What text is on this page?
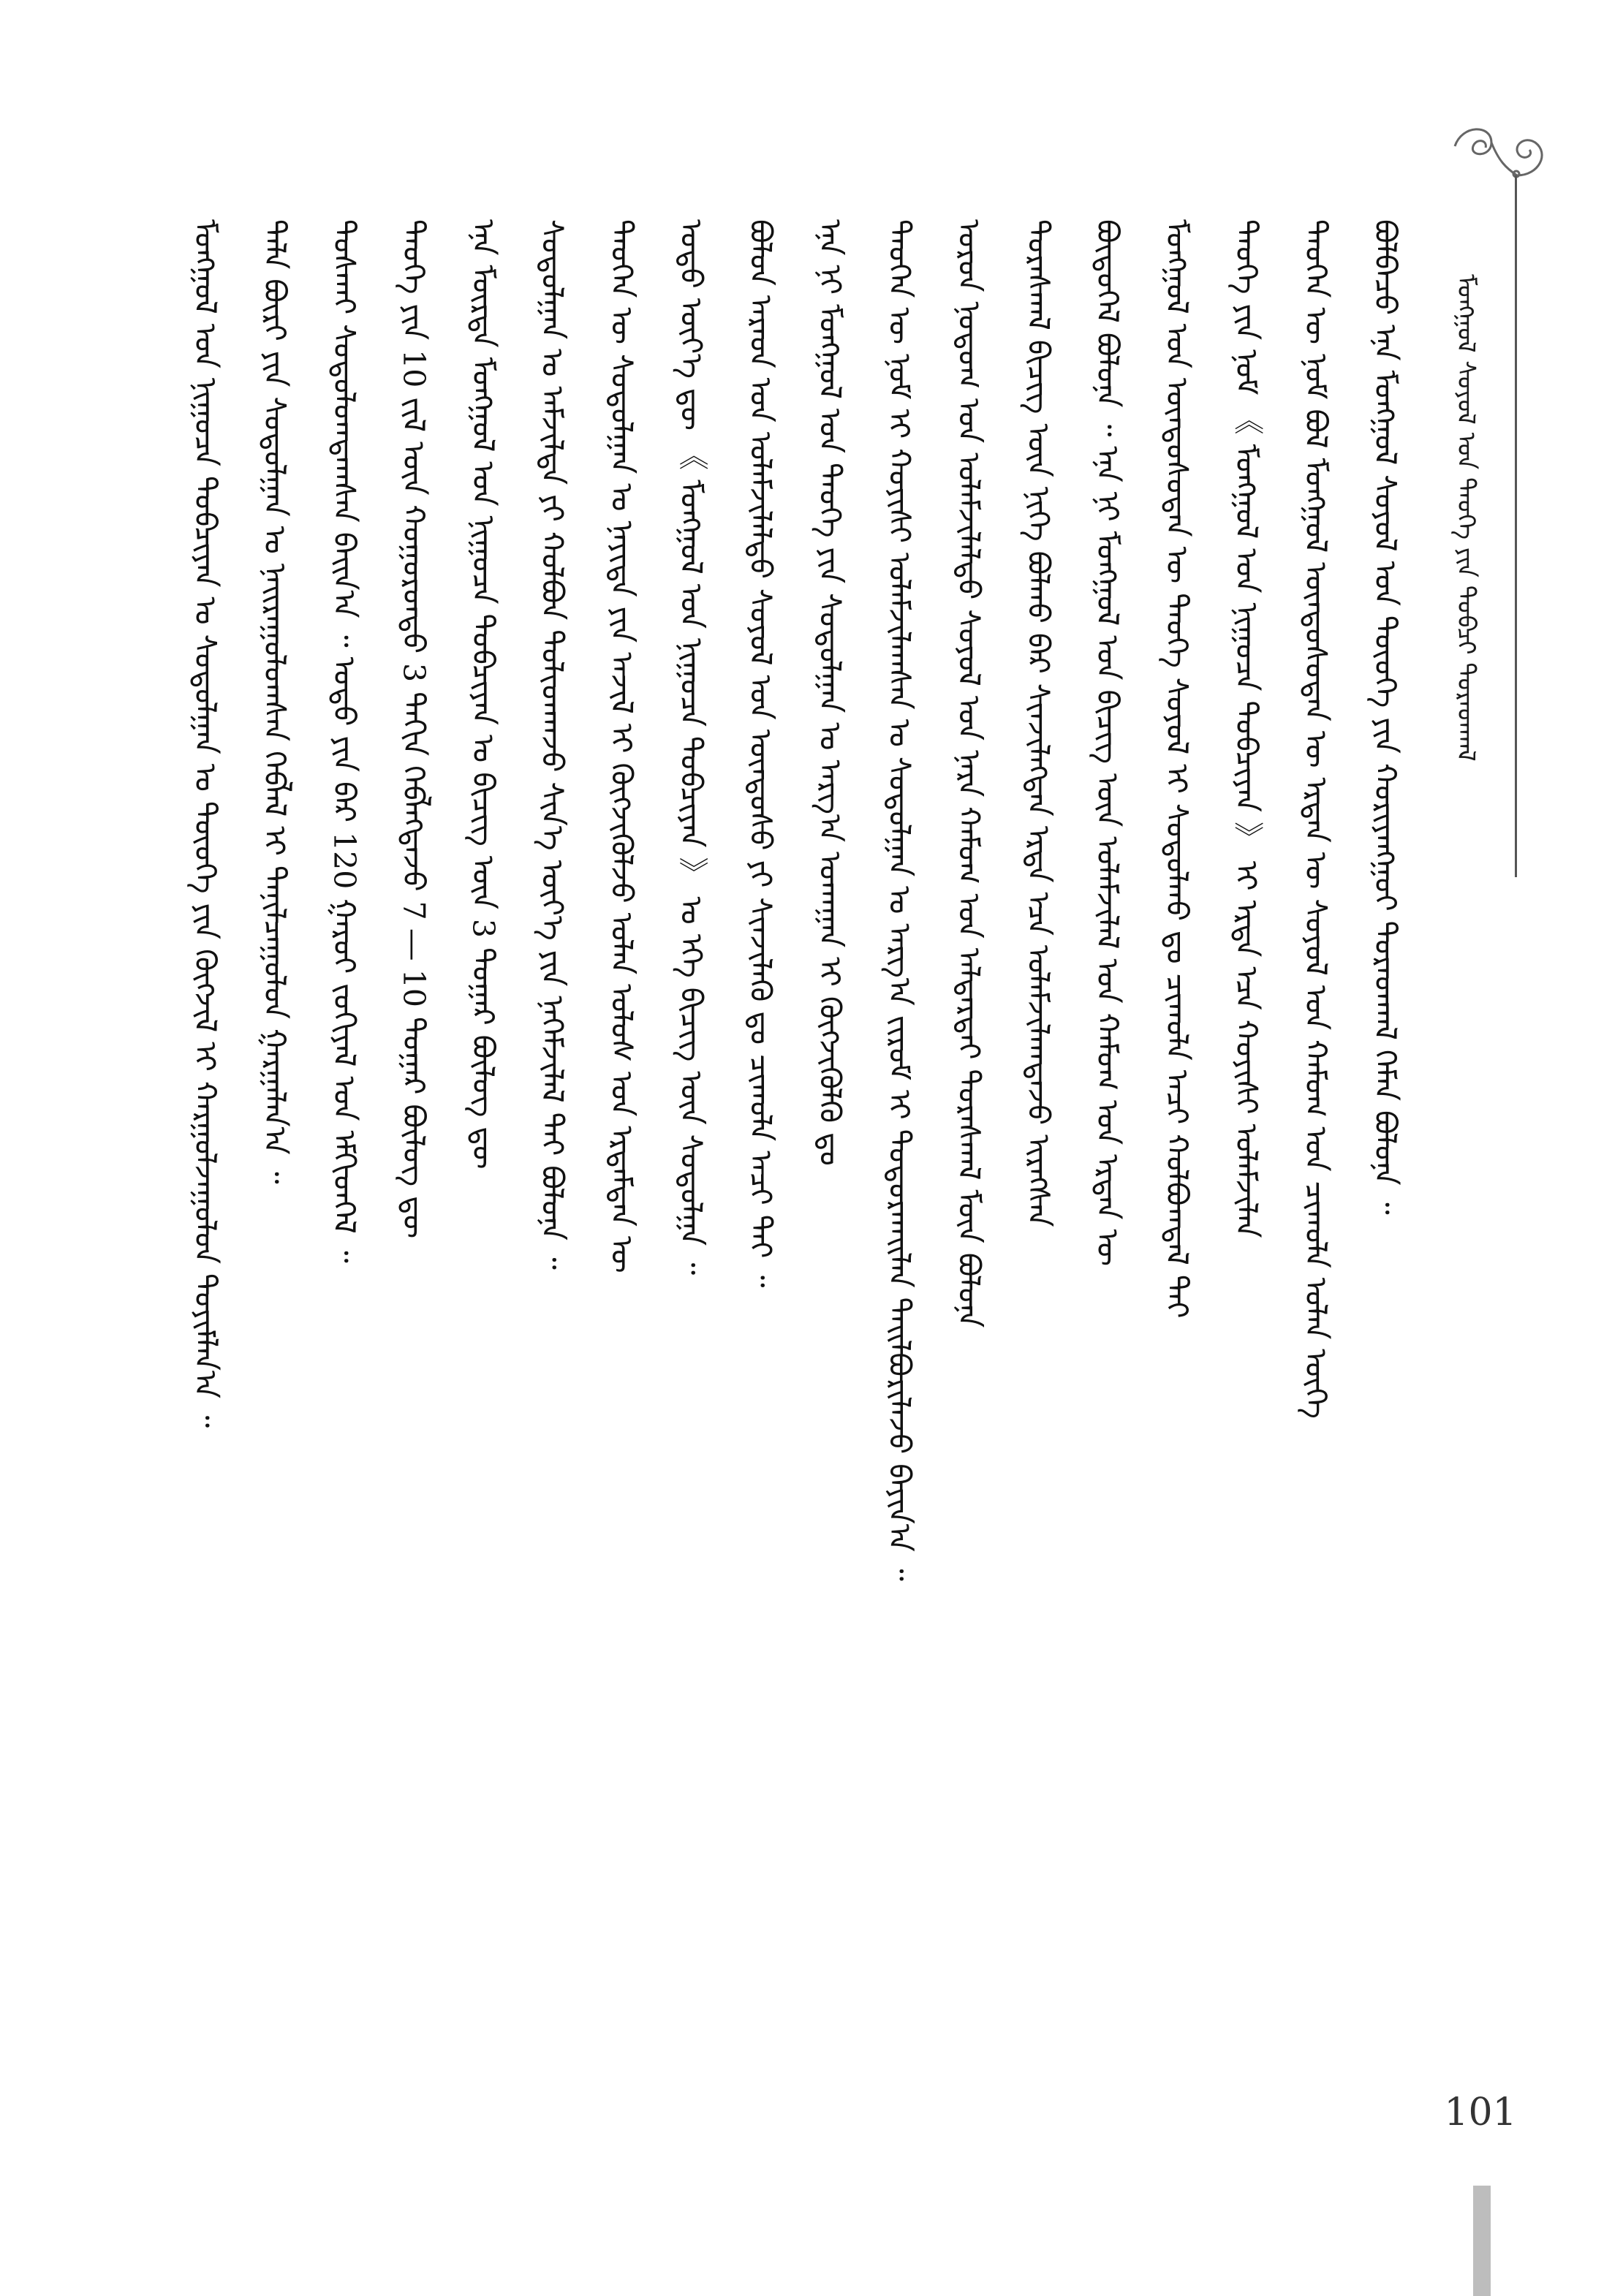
ᠮᠣᠩᠭᠣᠯ ᠰᠣᠶᠣᠯ ᠤᠨ ᠲᠡᠦᠬᠡ ᠶᠢᠨ ᠲᠣᠪᠴᠢ ᠳᠤᠷᠠᠳᠬᠠᠯ
ᠪᠣᠯᠪᠠᠴᠤ ᠡᠨᠡ ᠮᠣᠩᠭᠣᠯ ᠰᠣᠶᠣᠯ ᠤᠨ ᠲᠦᠦᠬᠡ ᠶᠢᠨ ᠬᠣᠷᠢᠶᠠᠩᠭᠤᠢ ᠳᠤᠷᠠᠳᠬᠠᠯ ᠬᠡᠮᠡᠨ ᠪᠣᠯᠤᠨᠠ ᠃
ᠲᠡᠦᠬᠡᠨ ᠦ ᠨᠣᠮ ᠪᠣᠯ ᠮᠣᠩᠭᠣᠯ ᠦᠨᠳᠦᠰᠦᠲᠡᠨ ᠦ ᠡᠷᠲᠡᠨ ᠦ ᠰᠣᠶᠣᠯ ᠤᠨ ᠬᠠᠮᠤᠭ ᠤᠨ ᠴᠢᠬᠤᠯᠠ ᠣᠯᠠᠨ ᠦᠭᠡ
ᠲᠡᠦᠬᠡ ᠶᠢᠨ ᠨᠣᠮ 《 ᠮᠣᠩᠭᠣᠯ ᠤᠨ ᠨᠢᠭᠤᠴᠠ ᠲᠣᠪᠴᠢᠶᠠᠨ 》 ᠢ ᠡᠷᠲᠡ ᠡᠴᠡ ᠬᠣᠶᠢᠰᠢ ᠤᠯᠠᠮᠵᠢᠯᠠᠨ
ᠮᠣᠩᠭᠣᠯ ᠤᠨ ᠦᠨᠳᠦᠰᠦᠲᠡᠨ ᠦ ᠲᠡᠦᠬᠡ ᠰᠣᠶᠣᠯ ᠢ ᠰᠤᠳᠤᠯᠬᠤ ᠳᠤ ᠴᠢᠬᠤᠯᠠ ᠠᠴᠢ ᠬᠣᠯᠪᠣᠭᠳᠠᠯ ᠲᠠᠢ
ᠪᠦᠲᠦᠭᠡᠯ ᠪᠣᠯᠤᠨᠠ ᠃ ᠡᠨᠡ ᠨᠢ ᠮᠣᠩᠭᠣᠯ ᠤᠨ ᠪᠢᠴᠢᠭ ᠦᠨ ᠤᠯᠠᠮᠵᠢᠯᠠᠯ ᠤᠨ ᠬᠠᠮᠤᠭ ᠤᠨ ᠡᠷᠲᠡᠨ ᠦ
ᠳᠤᠷᠠᠰᠬᠠᠯ ᠪᠢᠴᠢᠭ ᠦᠨ ᠨᠢᠭᠡ ᠪᠣᠯᠬᠤ ᠪᠠᠷ ᠰᠢᠨᠵᠢᠯᠡᠭᠳᠡᠨ ᠡᠷᠲᠡ ᠡᠴᠡ ᠤᠯᠠᠮᠵᠢᠯᠠᠭᠳᠠᠵᠤ ᠢᠷᠡᠭᠰᠡᠨ
ᠣᠷᠣᠨ ᠨᠤᠲᠤᠭ ᠤᠨ ᠤᠯᠠᠮᠵᠢᠯᠠᠯᠲᠤ ᠰᠣᠶᠣᠯ ᠤᠨ ᠨᠡᠷᠡ ᠬᠠᠮᠤᠭ ᠤᠨ ᠠᠯᠳᠠᠷᠲᠠᠢ ᠳᠤᠷᠠᠰᠬᠠᠯ ᠮᠥᠨ ᠪᠣᠯᠤᠨᠠ
ᠲᠡᠦᠬᠡᠨ ᠦ ᠨᠣᠮ ᠢ ᠬᠣᠶᠢᠰᠢ ᠤᠯᠠᠮᠵᠢᠯᠠᠭᠰᠠᠨ ᠤ ᠰᠤᠳᠤᠯᠭᠠᠨ ᠤ ᠠᠷᠭ᠎ᠠ ᠵᠢᠷᠤᠮ ᠢ ᠲᠣᠳᠣᠷᠬᠠᠢᠯᠠᠨ ᠲᠠᠢᠯᠪᠤᠷᠢᠯᠠᠵᠤ ᠪᠠᠶᠢᠨ᠎ᠠ ᠃
ᠡᠨᠡ ᠨᠢ ᠮᠣᠩᠭᠣᠯ ᠤᠨ ᠲᠡᠦᠬᠡ ᠶᠢᠨ ᠰᠤᠳᠤᠯᠭᠠᠨ ᠤ ᠠᠷᠭ᠎ᠠ ᠤᠬᠠᠭᠠᠨ ᠢ ᠬᠥᠭᠵᠢᠭᠦᠯᠬᠦ ᠳᠤ
ᠪᠣᠯᠤᠨ ᠠᠷᠠᠳ ᠤᠨ ᠤᠯᠠᠮᠵᠢᠯᠠᠯᠲᠤ ᠰᠣᠶᠣᠯ ᠤᠨ ᠦᠨᠳᠦᠰᠦ ᠶᠢ ᠰᠢᠨᠵᠢᠯᠡᠬᠦ ᠳᠤ ᠴᠢᠬᠤᠯᠠ ᠠᠴᠢ ᠲᠠᠢ ᠃
ᠣᠳᠣ ᠦᠶ᠎ᠡ ᠳᠦ 《 ᠮᠣᠩᠭᠣᠯ ᠤᠨ ᠨᠢᠭᠤᠴᠠ ᠲᠣᠪᠴᠢᠶᠠᠨ 》 ᠤ ᠡᠬᠡ ᠪᠢᠴᠢᠭ ᠦᠨ ᠰᠤᠳᠤᠯᠭᠠ ᠃
ᠲᠡᠦᠬᠡᠨ ᠦ ᠰᠤᠳᠤᠯᠭᠠᠨ ᠤ ᠨᠡᠶᠢᠲᠡ ᠶᠢᠨ ᠠᠵᠢᠯ ᠢ ᠬᠥᠭᠵᠢᠭᠦᠯᠵᠦ ᠣᠯᠠᠨ ᠤᠯᠤᠰ ᠤᠨ ᠡᠷᠳᠡᠮᠲᠡᠨ ᠦ
ᠰᠤᠳᠤᠯᠭᠠᠨ ᠤ ᠠᠮᠵᠢᠯᠲᠠ ᠶᠢ ᠬᠣᠯᠪᠣᠨ ᠲᠣᠯᠢᠳᠬᠠᠵᠤ ᠰᠢᠨ᠎ᠡ ᠦᠶ᠎ᠡ ᠶᠢᠨ ᠨᠡᠬᠡᠮᠵᠢᠯᠡᠯ ᠲᠠᠢ ᠪᠣᠯᠤᠨᠠ ᠃
ᠡᠨᠡ ᠮᠦᠷᠳᠡ ᠮᠣᠩᠭᠣᠯ ᠤᠨ ᠨᠢᠭᠤᠴᠠ ᠲᠣᠪᠴᠢᠶᠠᠨ ᠤ ᠪᠢᠴᠢᠭ ᠦᠨ 3 ᠳᠤᠭᠠᠷ ᠪᠦᠯᠦᠭ ᠳᠦ
ᠲᠡᠦᠬᠡ ᠶᠢᠨ 10 ᠵᠢᠯ ᠦᠨ ᠬᠣᠭᠣᠷᠣᠨᠳᠤ 3 ᠳᠠᠬᠢᠨ ᠬᠡᠪᠯᠡᠭᠳᠡᠵᠦ 7 ― 10 ᠳᠤᠭᠠᠷ ᠪᠦᠯᠦᠭ ᠳᠦ
ᠲᠤᠰᠬᠠᠢ ᠰᠤᠳᠤᠯᠤᠭᠳᠠᠭᠰᠠᠨ ᠪᠠᠢᠨ᠎ᠠ ᠃ ᠣᠳᠣ ᠶᠢᠨ ᠪᠠᠷ 120 ᠭᠠᠷᠤᠢ ᠵᠣᠬᠢᠶᠠᠯ ᠤᠨ ᠡᠮᠬᠢᠳᠬᠡᠯ ᠃
ᠲᠠᠯᠠ ᠪᠦᠷᠢ ᠶᠢᠨ ᠰᠤᠳᠤᠯᠭᠠᠨ ᠤ ᠨᠠᠢᠷᠠᠭᠤᠯᠤᠭᠰᠠᠨ ᠬᠡᠪᠯᠡᠯ ᠢ ᠲᠠᠨᠢᠯᠴᠠᠭᠤᠯᠤᠨ ᠭᠠᠷᠭᠠᠯᠠᠨ᠎ᠠ ᠃
ᠮᠣᠩᠭᠣᠯ ᠤᠨ ᠨᠢᠭᠤᠴᠠ ᠲᠣᠪᠴᠢᠶᠠᠨ ᠤ ᠰᠤᠳᠤᠯᠭᠠᠨ ᠤ ᠲᠦᠦᠬᠡ ᠶᠢᠨ ᠬᠥᠭᠵᠢᠯ ᠢ ᠬᠠᠷᠭᠤᠯᠵᠠᠭᠤᠯᠤᠨ ᠲᠣᠶᠢᠮᠯᠠᠨ᠎ᠠ ᠃
101
